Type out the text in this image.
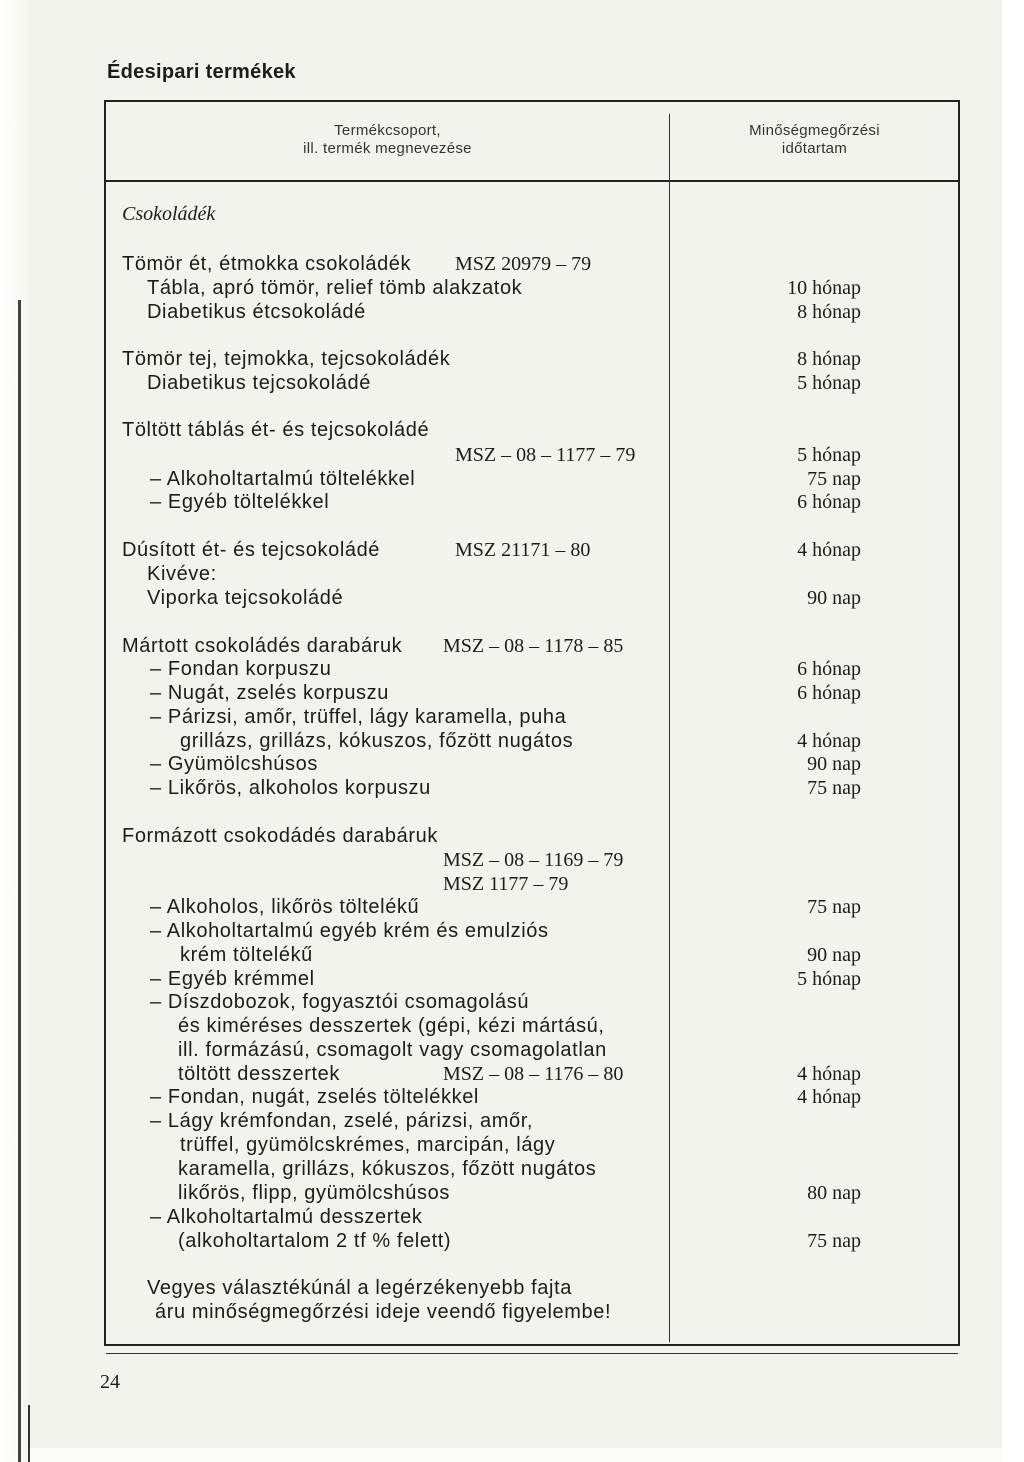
Édesipari termékek
Termékcsoport,
ill. termék megnevezése
Minőségmegőrzési
időtartam
Csokoládék
Tömör ét, étmokka csokoládék MSZ 20979 – 79
Tábla, apró tömör, relief tömb alakzatok	10 hónap
Diabetikus étcsokoládé	8 hónap
Tömör tej, tejmokka, tejcsokoládék	8 hónap
Diabetikus tejcsokoládé	5 hónap
Töltött táblás ét- és tejcsokoládé
MSZ – 08 – 1177 – 79	5 hónap
– Alkoholtartalmú töltelékkel	75 nap
– Egyéb töltelékkel	6 hónap
Dúsított ét- és tejcsokoládé	MSZ 21171 – 80	4 hónap
Kivéve:
Viporka tejcsokoládé	90 nap
Mártott csokoládés darabáruk MSZ – 08 – 1178 – 85
– Fondan korpuszu	6 hónap
– Nugát, zselés korpuszu	6 hónap
– Párizsi, amőr, trüffel, lágy karamella, puha
grillázs, grillázs, kókuszos, főzött nugátos	4 hónap
– Gyümölcshúsos	90 nap
– Likőrös, alkoholos korpuszu	75 nap
Formázott csokodádés darabáruk
MSZ – 08 – 1169 – 79
MSZ 1177 – 79
– Alkoholos, likőrös töltelékű	75 nap
– Alkoholtartalmú egyéb krém és emulziós
krém töltelékű	90 nap
– Egyéb krémmel	5 hónap
– Díszdobozok, fogyasztói csomagolású
és kiméréses desszertek (gépi, kézi mártású,
ill. formázású, csomagolt vagy csomagolatlan
töltött desszertek	MSZ – 08 – 1176 – 80	4 hónap
– Fondan, nugát, zselés töltelékkel	4 hónap
– Lágy krémfondan, zselé, párizsi, amőr,
trüffel, gyümölcskrémes, marcipán, lágy
karamella, grillázs, kókuszos, főzött nugátos
likőrös, flipp, gyümölcshúsos	80 nap
– Alkoholtartalmú desszertek
(alkoholtartalom 2 tf % felett)	75 nap
Vegyes választékúnál a legérzékenyebb fajta
áru minőségmegőrzési ideje veendő figyelembe!
24
